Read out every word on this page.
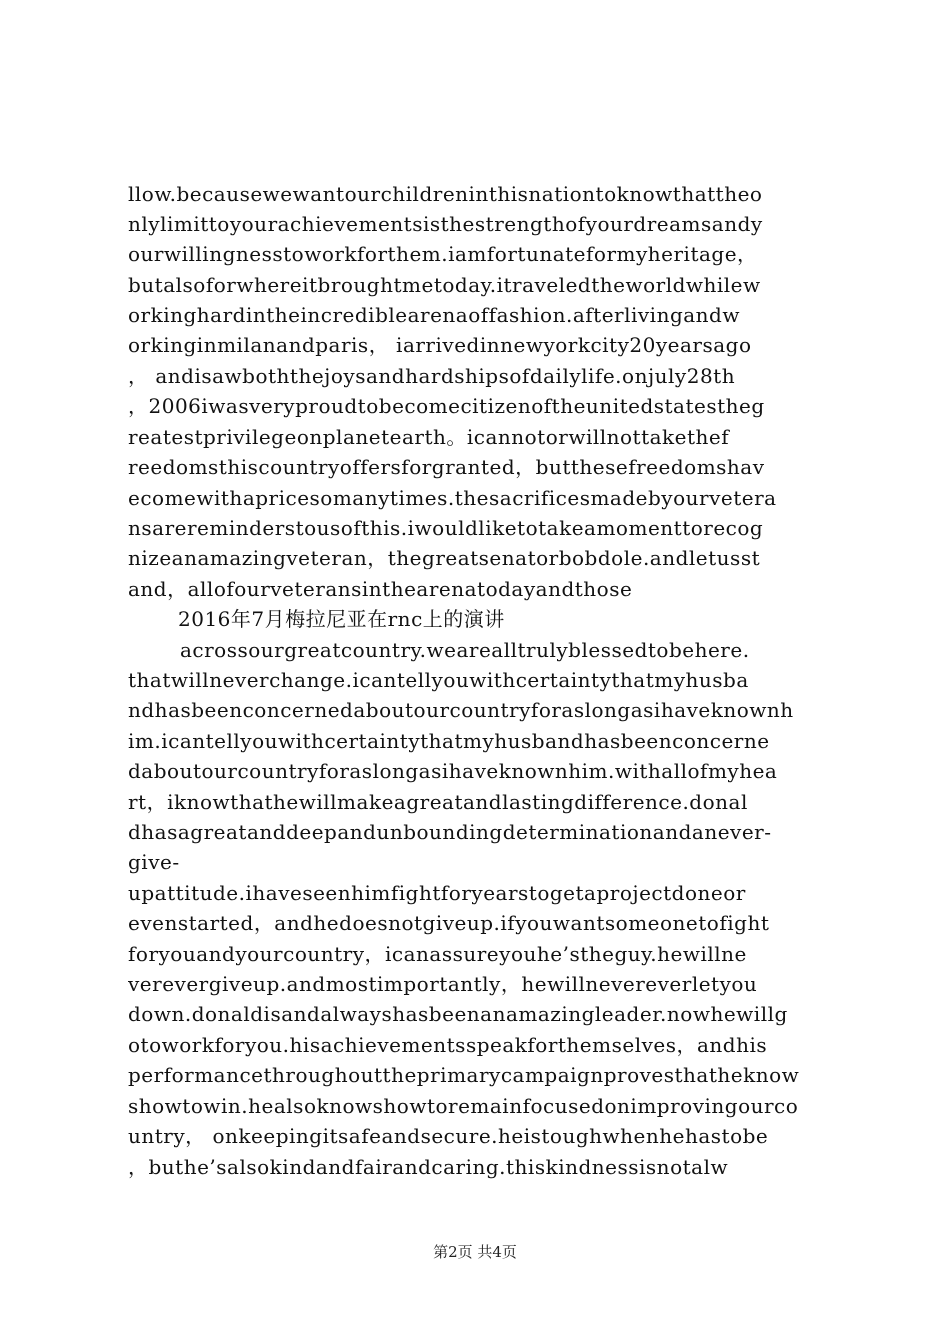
llow.becausewewantourchildreninthisnationtoknowthattheo
nlylimittoyourachievementsisthestrengthofyourdreamsandy
ourwillingnesstoworkforthem.iamfortunateformyheritage，
butalsoforwhereitbroughtmetoday.itraveledtheworldwhilew
orkinghardintheincrediblearenaoffashion.afterlivingandw
orkinginmilanandparis， iarrivedinnewyorkcity20yearsago
， andisawboththejoysandhardshipsofdailylife.onjuly28th
，2006iwasveryproudtobecomecitizenoftheunitedstatestheg
reatestprivilegeonplanetearth。icannotorwillnottakethef
reedomsthiscountryoffersforgranted，butthesefreedomshav
ecomewithapricesomanytimes.thesacrificesmadebyourvetera
nsarereminderstousofthis.iwouldliketotakeamomenttorecog
nizeanamazingveteran，thegreatsenatorbobdole.andletusst
and，allofourveteransinthearenatodayandthose
2016年7月梅拉尼亚在rnc上的演讲
acrossourgreatcountry.wearealltrulyblessedtobehere.
thatwillneverchange.icantellyouwithcertaintythatmyhusba
ndhasbeenconcernedaboutourcountryforaslongasihaveknownh
im.icantellyouwithcertaintythatmyhusbandhasbeenconcerne
daboutourcountryforaslongasihaveknownhim.withallofmyhea
rt，iknowthathewillmakeagreatandlastingdifference.donal
dhasagreatanddeepandunboundingdeterminationandanever-
give-
upattitude.ihaveseenhimfightforyearstogetaprojectdoneor
evenstarted，andhedoesnotgiveup.ifyouwantsomeonetofight
foryouandyourcountry，icanassureyouhe’stheguy.hewillne
verevergiveup.andmostimportantly，hewillnevereverletyou
down.donaldisandalwayshasbeenanamazingleader.nowhewillg
otoworkforyou.hisachievementsspeakforthemselves，andhis
performancethroughouttheprimarycampaignprovesthatheknow
showtowin.healsoknowshowtoremainfocusedonimprovingourco
untry， onkeepingitsafeandsecure.heistoughwhenhehastobe
，buthe’salsokindandfairandcaring.thiskindnessisnotalw
第2页 共4页
